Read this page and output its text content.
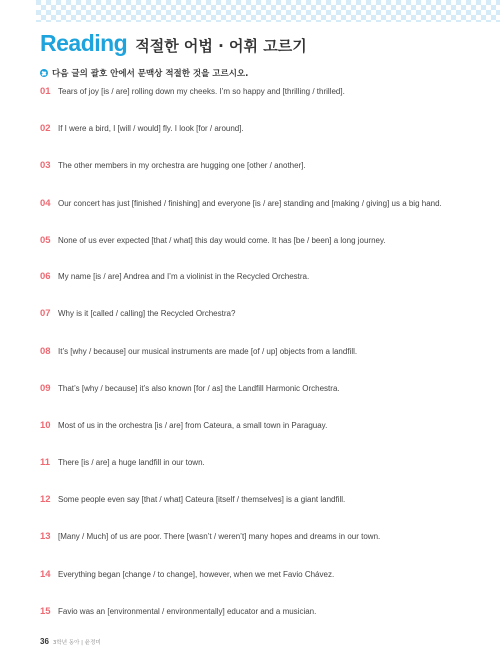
Reading 적절한 어법 · 어휘 고르기
다음 글의 괄호 안에서 문맥상 적절한 것을 고르시오.
01 Tears of joy [is / are] rolling down my cheeks. I’m so happy and [thrilling / thrilled].
02 If I were a bird, I [will / would] fly. I look [for / around].
03 The other members in my orchestra are hugging one [other / another].
04 Our concert has just [finished / finishing] and everyone [is / are] standing and [making / giving] us a big hand.
05 None of us ever expected [that / what] this day would come. It has [be / been] a long journey.
06 My name [is / are] Andrea and I’m a violinist in the Recycled Orchestra.
07 Why is it [called / calling] the Recycled Orchestra?
08 It’s [why / because] our musical instruments are made [of / up] objects from a landfill.
09 That’s [why / because] it’s also known [for / as] the Landfill Harmonic Orchestra.
10 Most of us in the orchestra [is / are] from Cateura, a small town in Paraguay.
11 There [is / are] a huge landfill in our town.
12 Some people even say [that / what] Cateura [itself / themselves] is a giant landfill.
13 [Many / Much] of us are poor. There [wasn’t / weren’t] many hopes and dreams in our town.
14 Everything began [change / to change], however, when we met Favio Chávez.
15 Favio was an [environmental / environmentally] educator and a musician.
36 3학년 동아 | 윤정미
